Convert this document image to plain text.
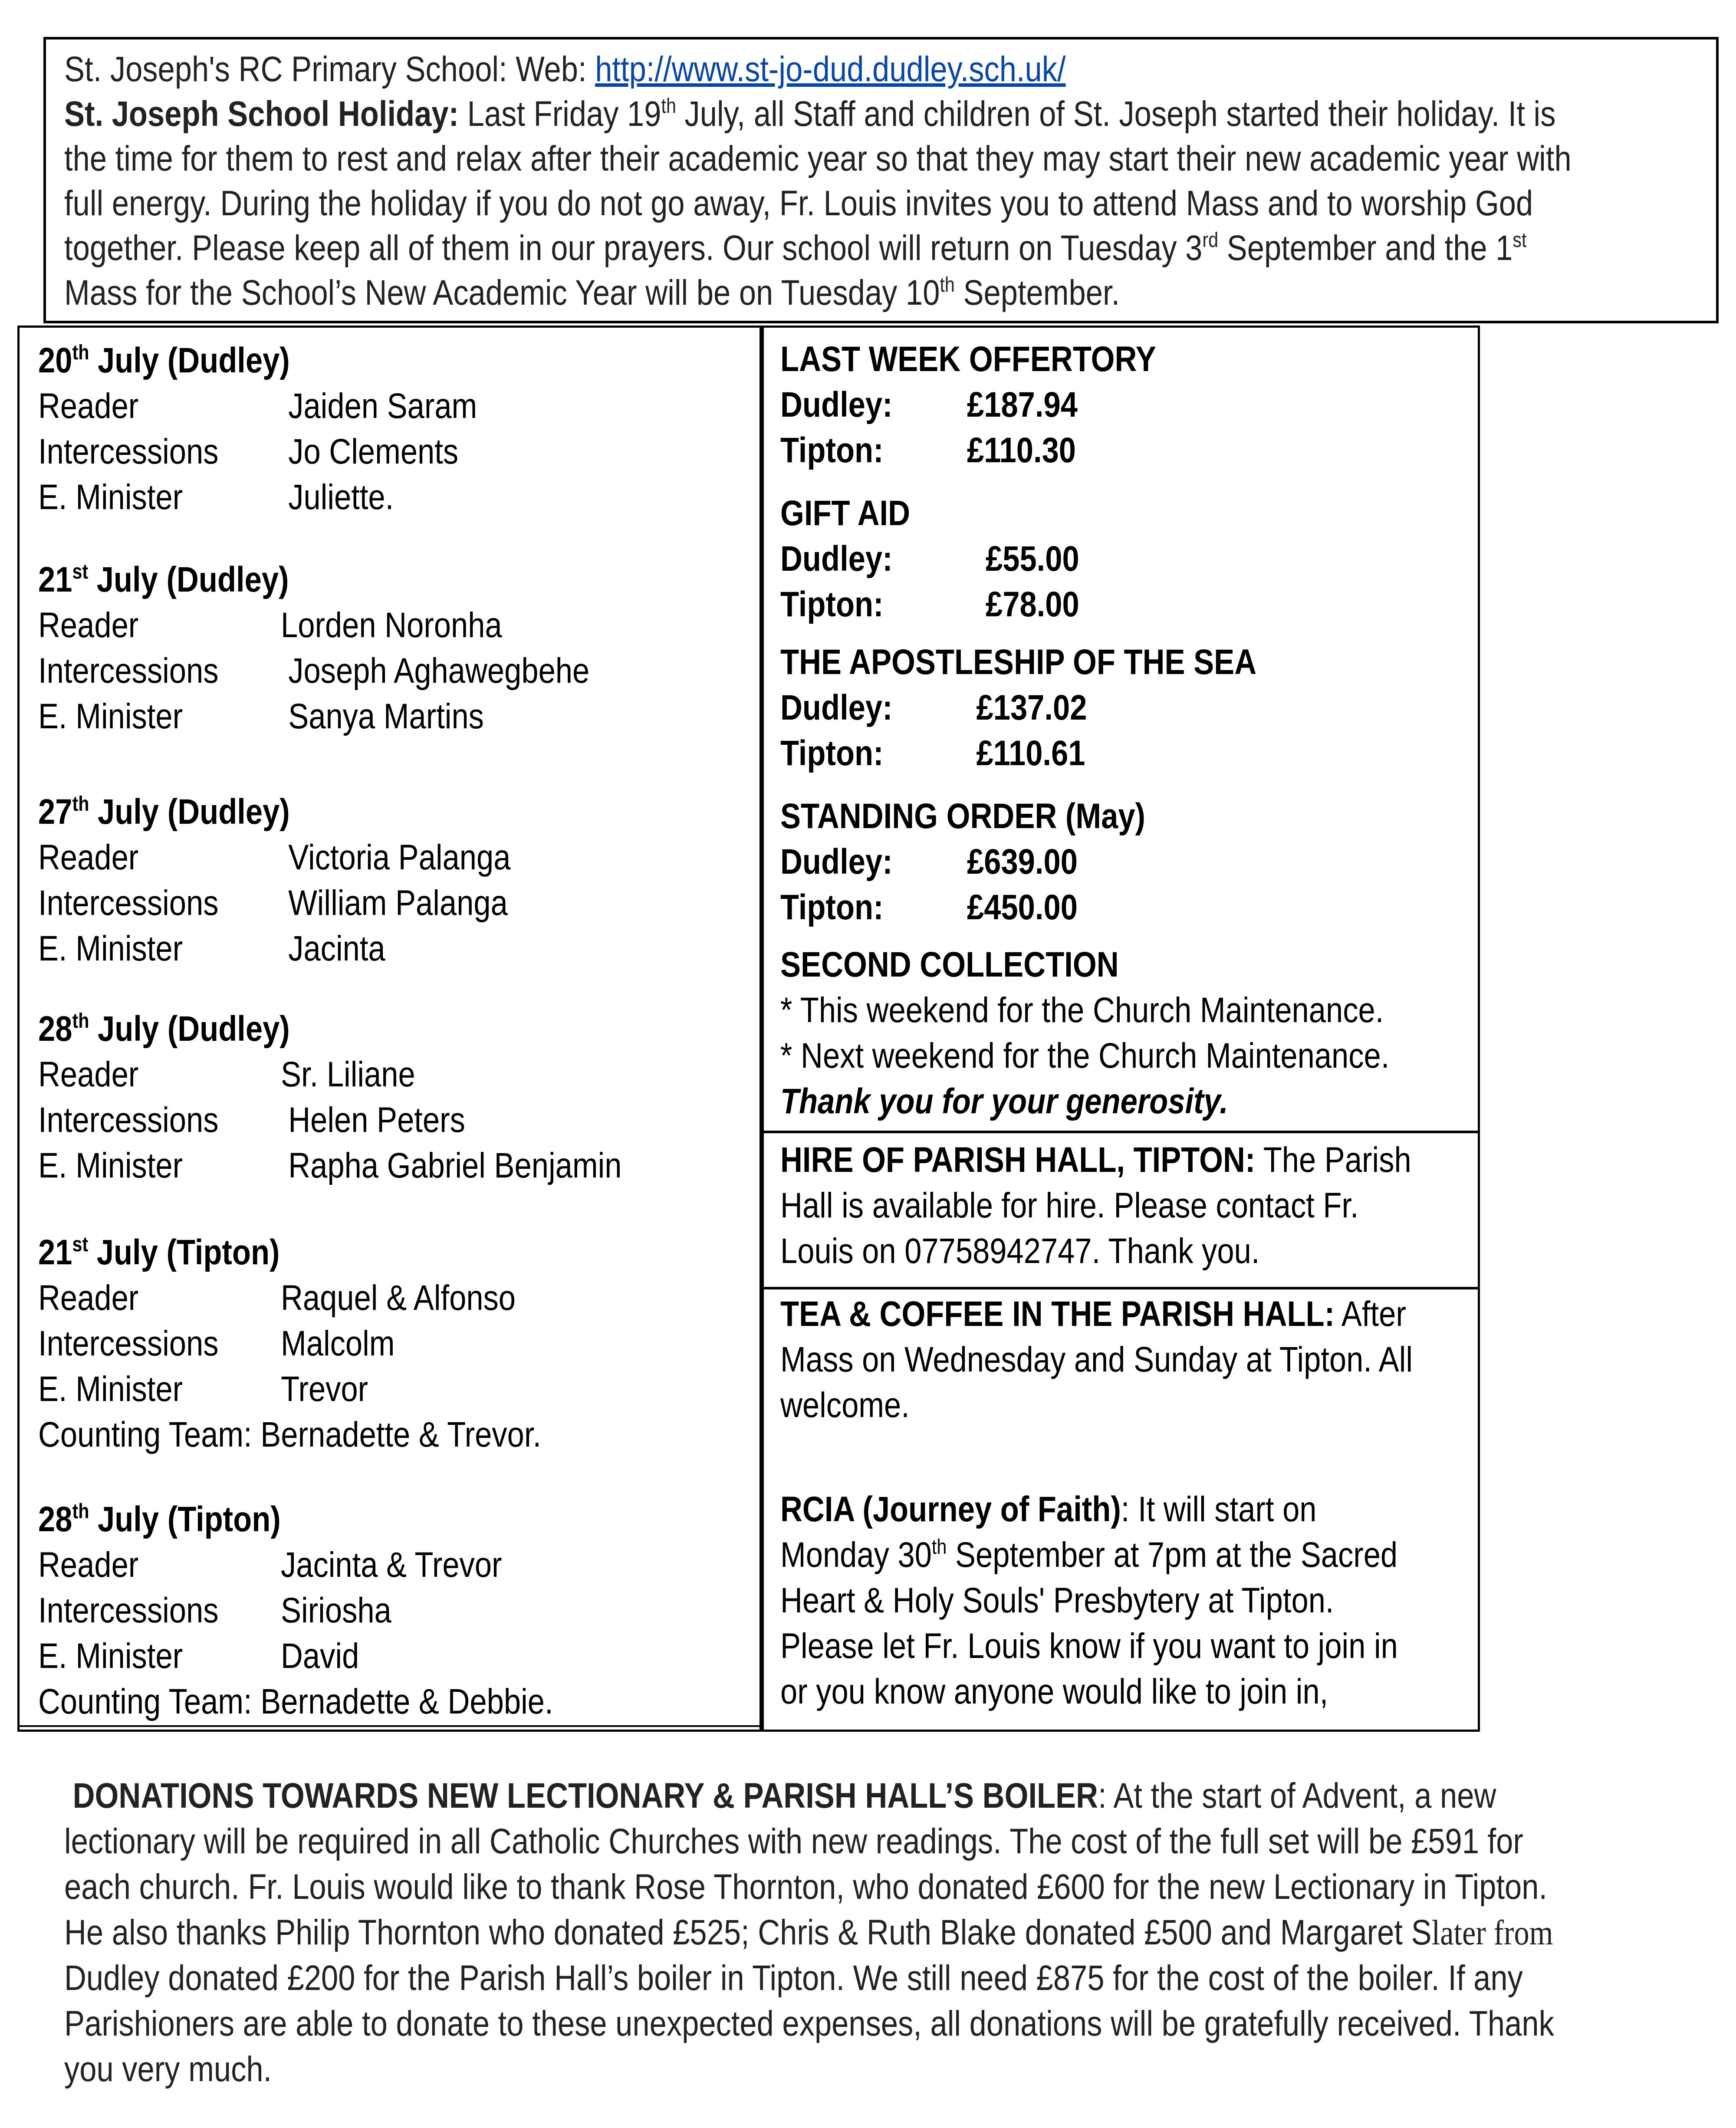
St. Joseph's RC Primary School: Web: http://www.st-jo-dud.dudley.sch.uk/
St. Joseph School Holiday: Last Friday 19th July, all Staff and children of St. Joseph started their holiday. It is
the time for them to rest and relax after their academic year so that they may start their new academic year with
full energy. During the holiday if you do not go away, Fr. Louis invites you to attend Mass and to worship God
together. Please keep all of them in our prayers. Our school will return on Tuesday 3rd September and the 1st
Mass for the School’s New Academic Year will be on Tuesday 10th September.
20th July (Dudley)
Reader	Jaiden Saram
Intercessions Jo Clements
E. Minister	Juliette.
21st July (Dudley)
Reader	Lorden Noronha
Intercessions Joseph Aghawegbehe
E. Minister	Sanya Martins
27th July (Dudley)
Reader	Victoria Palanga
Intercessions William Palanga
E. Minister	Jacinta
28th July (Dudley)
Reader	Sr. Liliane
Intercessions Helen Peters
E. Minister	Rapha Gabriel Benjamin
21st July (Tipton)
Reader	Raquel & Alfonso
Intercessions Malcolm
E. Minister	Trevor
Counting Team: Bernadette & Trevor.
28th July (Tipton)
Reader	Jacinta & Trevor
Intercessions Siriosha
E. Minister	David
Counting Team: Bernadette & Debbie.
LAST WEEK OFFERTORY
Dudley: £187.94
Tipton: £110.30
GIFT AID
Dudley:	£55.00
Tipton:	£78.00
THE APOSTLESHIP OF THE SEA
Dudley: £137.02
Tipton:	£110.61
STANDING ORDER (May)
Dudley: £639.00
Tipton: £450.00
SECOND COLLECTION
* This weekend for the Church Maintenance.
* Next weekend for the Church Maintenance.
Thank you for your generosity.
HIRE OF PARISH HALL, TIPTON: The Parish
Hall is available for hire. Please contact Fr.
Louis on 07758942747. Thank you.
TEA & COFFEE IN THE PARISH HALL: After
Mass on Wednesday and Sunday at Tipton. All
welcome.
RCIA (Journey of Faith): It will start on
Monday 30th September at 7pm at the Sacred
Heart & Holy Souls' Presbytery at Tipton.
Please let Fr. Louis know if you want to join in
or you know anyone would like to join in,
DONATIONS TOWARDS NEW LECTIONARY & PARISH HALL’S BOILER: At the start of Advent, a new
lectionary will be required in all Catholic Churches with new readings. The cost of the full set will be £591 for
each church. Fr. Louis would like to thank Rose Thornton, who donated £600 for the new Lectionary in Tipton.
He also thanks Philip Thornton who donated £525; Chris & Ruth Blake donated £500 and Margaret Slater from
Dudley donated £200 for the Parish Hall’s boiler in Tipton. We still need £875 for the cost of the boiler. If any
Parishioners are able to donate to these unexpected expenses, all donations will be gratefully received. Thank
you very much.
